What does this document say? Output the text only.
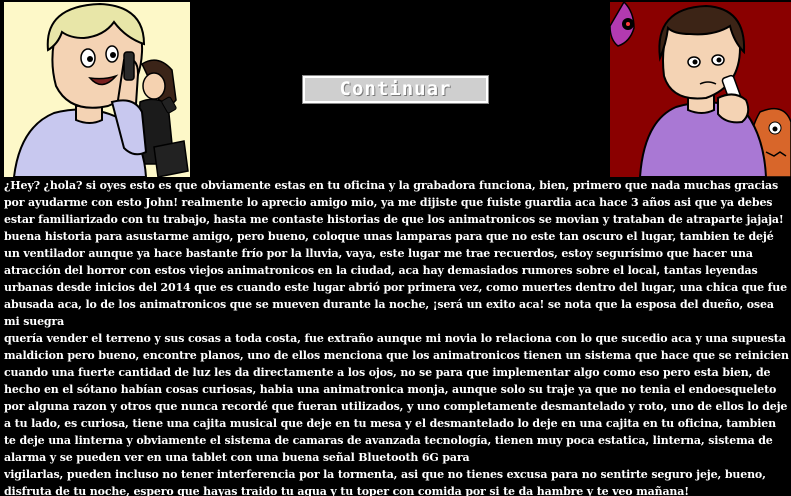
Continuar

¿Hey? ¿hola? si oyes esto es que obviamente estas en tu oficina y la grabadora funciona, bien, primero que nada muchas gracias por ayudarme con esto John! realmente lo aprecio amigo mio, ya me dijiste que fuiste guardia aca hace 3 años asi que ya debes estar familiarizado con tu trabajo, hasta me contaste historias de que los animatronicos se movian y trataban de atraparte jajaja! buena historia para asustarme amigo, pero bueno, coloque unas lamparas para que no este tan oscuro el lugar, tambien te dejé un ventilador aunque ya hace bastante frío por la lluvia, vaya, este lugar me trae recuerdos, estoy segurísimo que hacer una atracción del horror con estos viejos animatronicos en la ciudad, aca hay demasiados rumores sobre el local, tantas leyendas urbanas desde inicios del 2014 que es cuando este lugar abrió por primera vez, como muertes dentro del lugar, una chica que fue abusada aca, lo de los animatronicos que se mueven durante la noche, ¡será un exito aca! se nota que la esposa del dueño, osea mi suegra

quería vender el terreno y sus cosas a toda costa, fue extraño aunque mi novia lo relaciona con lo que sucedio aca y una supuesta maldicion pero bueno, encontre planos, uno de ellos menciona que los animatronicos tienen un sistema que hace que se reinicien cuando una fuerte cantidad de luz les da directamente a los ojos, no se para que implementar algo como eso pero esta bien, de hecho en el sótano habían cosas curiosas, habia una animatronica monja, aunque solo su traje ya que no tenia el endoesqueleto por alguna razon y otros que nunca recordé que fueran utilizados, y uno completamente desmantelado y roto, uno de ellos lo deje a tu lado, es curiosa, tiene una cajita musical que deje en tu mesa y el desmantelado lo deje en una cajita en tu oficina, tambien te deje una linterna y obviamente el sistema de camaras de avanzada tecnología, tienen muy poca estatica, linterna, sistema de alarma y se pueden ver en una tablet con una buena señal Bluetooth 6G para

vigilarlas, pueden incluso no tener interferencia por la tormenta, asi que no tienes excusa para no sentirte seguro jeje, bueno, disfruta de tu noche, espero que hayas traido tu agua y tu toper con comida por si te da hambre y te veo mañana!
